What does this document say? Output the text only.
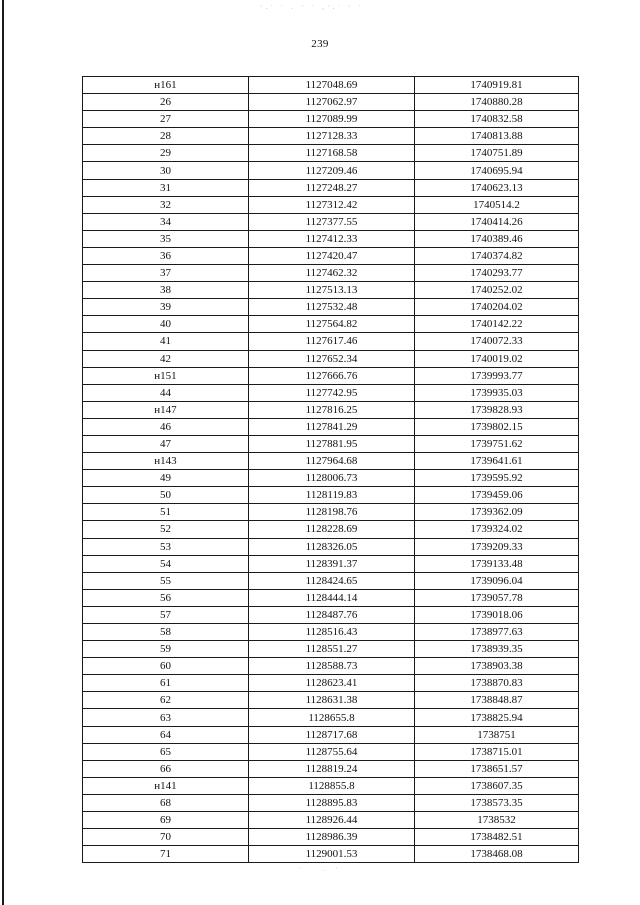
·.ˑ ˑ . · ˑ ,·.ˑ · ˑ
239
н161	1127048.69	1740919.81
26	1127062.97	1740880.28
27	1127089.99	1740832.58
28	1127128.33	1740813.88
29	1127168.58	1740751.89
30	1127209.46	1740695.94
31	1127248.27	1740623.13
32	1127312.42	1740514.2
34	1127377.55	1740414.26
35	1127412.33	1740389.46
36	1127420.47	1740374.82
37	1127462.32	1740293.77
38	1127513.13	1740252.02
39	1127532.48	1740204.02
40	1127564.82	1740142.22
41	1127617.46	1740072.33
42	1127652.34	1740019.02
н151	1127666.76	1739993.77
44	1127742.95	1739935.03
н147	1127816.25	1739828.93
46	1127841.29	1739802.15
47	1127881.95	1739751.62
н143	1127964.68	1739641.61
49	1128006.73	1739595.92
50	1128119.83	1739459.06
51	1128198.76	1739362.09
52	1128228.69	1739324.02
53	1128326.05	1739209.33
54	1128391.37	1739133.48
55	1128424.65	1739096.04
56	1128444.14	1739057.78
57	1128487.76	1739018.06
58	1128516.43	1738977.63
59	1128551.27	1738939.35
60	1128588.73	1738903.38
61	1128623.41	1738870.83
62	1128631.38	1738848.87
63	1128655.8	1738825.94
64	1128717.68	1738751
65	1128755.64	1738715.01
66	1128819.24	1738651.57
н141	1128855.8	1738607.35
68	1128895.83	1738573.35
69	1128926.44	1738532
70	1128986.39	1738482.51
71	1129001.53	1738468.08
· ˑ . ·
